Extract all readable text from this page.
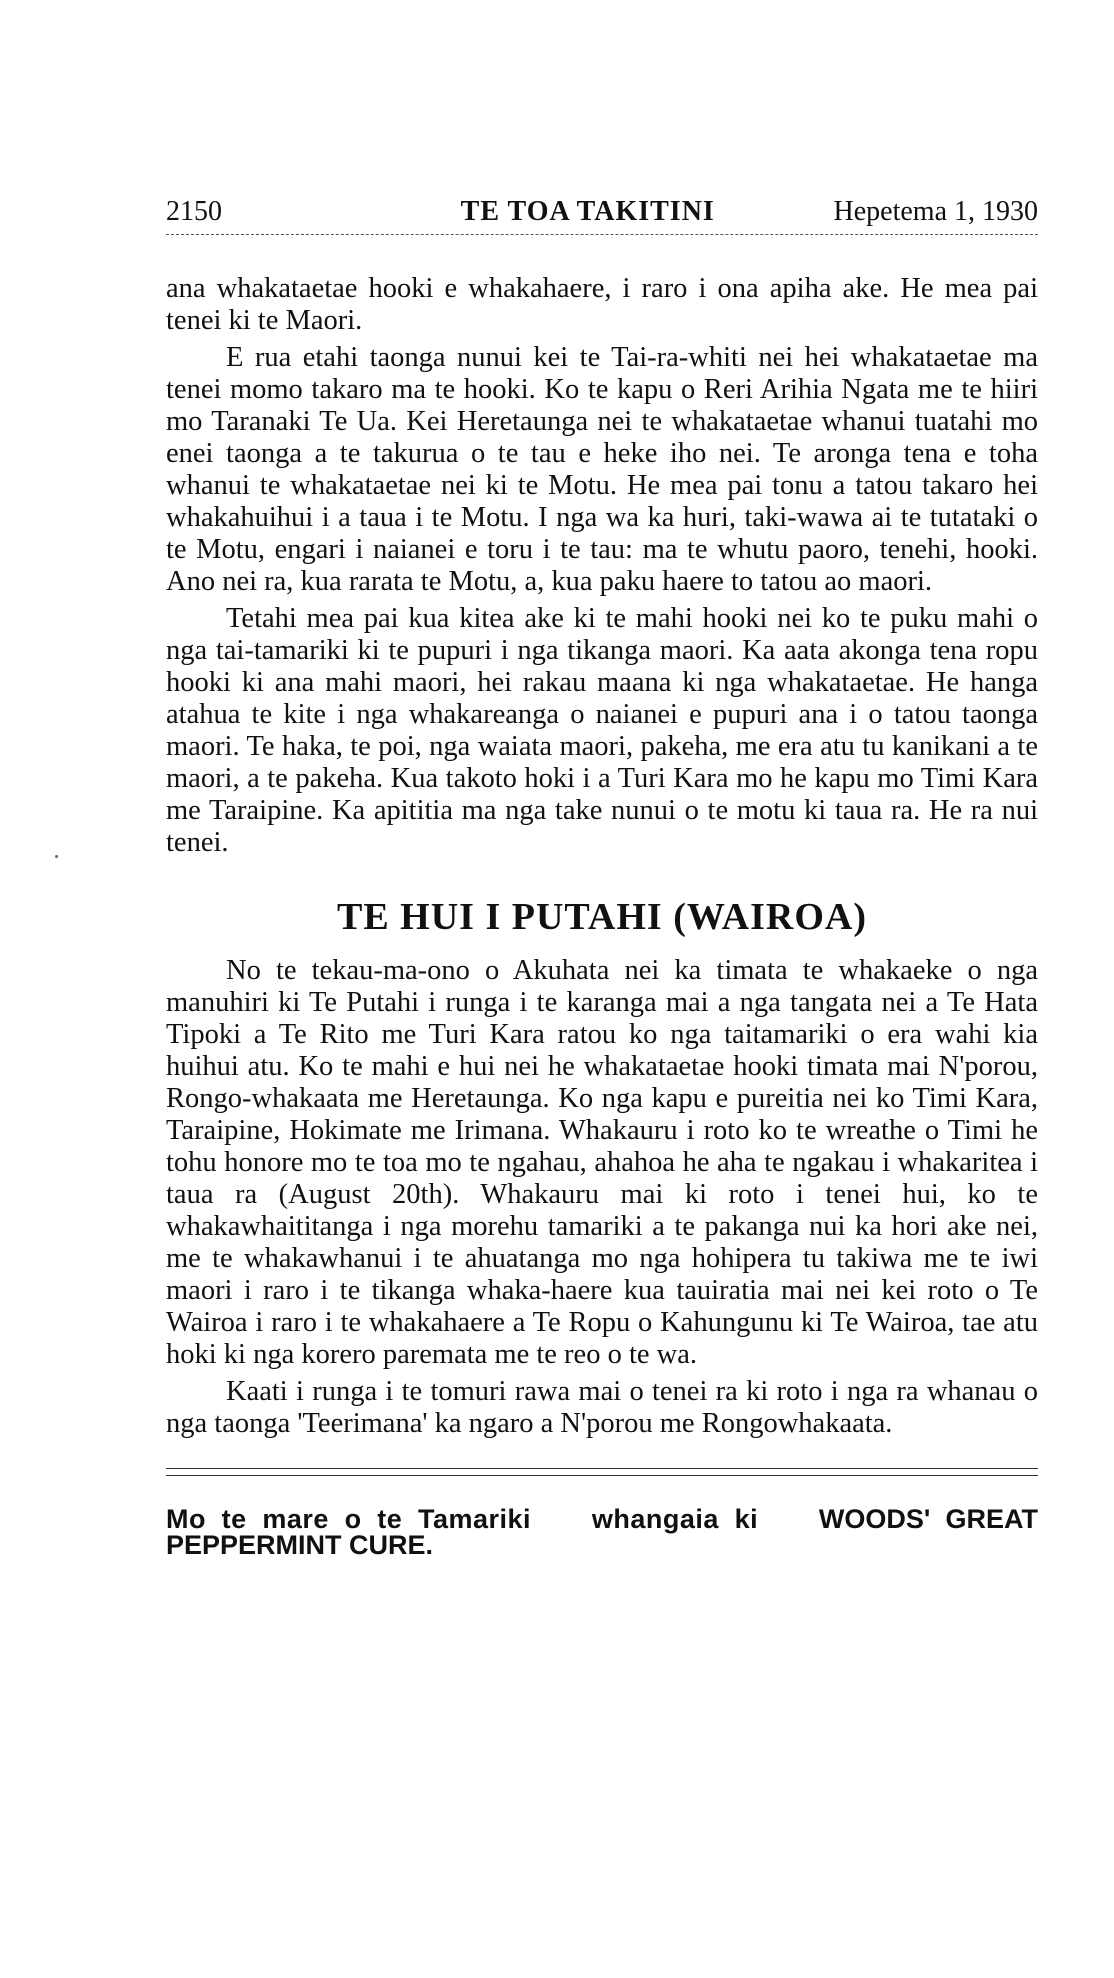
2150	TE TOA TAKITINI	Hepetema 1, 1930

ana whakataetae hooki e whakahaere, i raro i ona apiha ake. He mea pai tenei ki te Maori.

E rua etahi taonga nunui kei te Tai-ra-whiti nei hei whakataetae ma tenei momo takaro ma te hooki. Ko te kapu o Reri Arihia Ngata me te hiiri mo Taranaki Te Ua. Kei Heretaunga nei te whakataetae whanui tuatahi mo enei taonga a te takurua o te tau e heke iho nei. Te aronga tena e toha whanui te whakataetae nei ki te Motu. He mea pai tonu a tatou takaro hei whakahuihui i a taua i te Motu. I nga wa ka huri, taki-wawa ai te tutataki o te Motu, engari i naianei e toru i te tau: ma te whutu paoro, tenehi, hooki. Ano nei ra, kua rarata te Motu, a, kua paku haere to tatou ao maori.

Tetahi mea pai kua kitea ake ki te mahi hooki nei ko te puku mahi o nga tai-tamariki ki te pupuri i nga tikanga maori. Ka aata akonga tena ropu hooki ki ana mahi maori, hei rakau maana ki nga whakataetae. He hanga atahua te kite i nga whakareanga o naianei e pupuri ana i o tatou taonga maori. Te haka, te poi, nga waiata maori, pakeha, me era atu tu kanikani a te maori, a te pakeha. Kua takoto hoki i a Turi Kara mo he kapu mo Timi Kara me Taraipine. Ka apititia ma nga take nunui o te motu ki taua ra. He ra nui tenei.

TE HUI I PUTAHI (WAIROA)

No te tekau-ma-ono o Akuhata nei ka timata te whakaeke o nga manuhiri ki Te Putahi i runga i te karanga mai a nga tangata nei a Te Hata Tipoki a Te Rito me Turi Kara ratou ko nga taitamariki o era wahi kia huihui atu. Ko te mahi e hui nei he whakataetae hooki timata mai N'porou, Rongo-whakaata me Heretaunga. Ko nga kapu e pureitia nei ko Timi Kara, Taraipine, Hokimate me Irimana. Whakauru i roto ko te wreathe o Timi he tohu honore mo te toa mo te ngahau, ahahoa he aha te ngakau i whakaritea i taua ra (August 20th). Whakauru mai ki roto i tenei hui, ko te whakawhaititanga i nga morehu tamariki a te pakanga nui ka hori ake nei, me te whakawhanui i te ahuatanga mo nga hohipera tu takiwa me te iwi maori i raro i te tikanga whaka-haere kua tauiratia mai nei kei roto o Te Wairoa i raro i te whakahaere a Te Ropu o Kahungunu ki Te Wairoa, tae atu hoki ki nga korero paremata me te reo o te wa.

Kaati i runga i te tomuri rawa mai o tenei ra ki roto i nga ra whanau o nga taonga 'Teerimana' ka ngaro a N'porou me Rongowhakaata.

Mo te mare o te Tamariki whangaia ki WOODS' GREAT PEPPERMINT CURE.
